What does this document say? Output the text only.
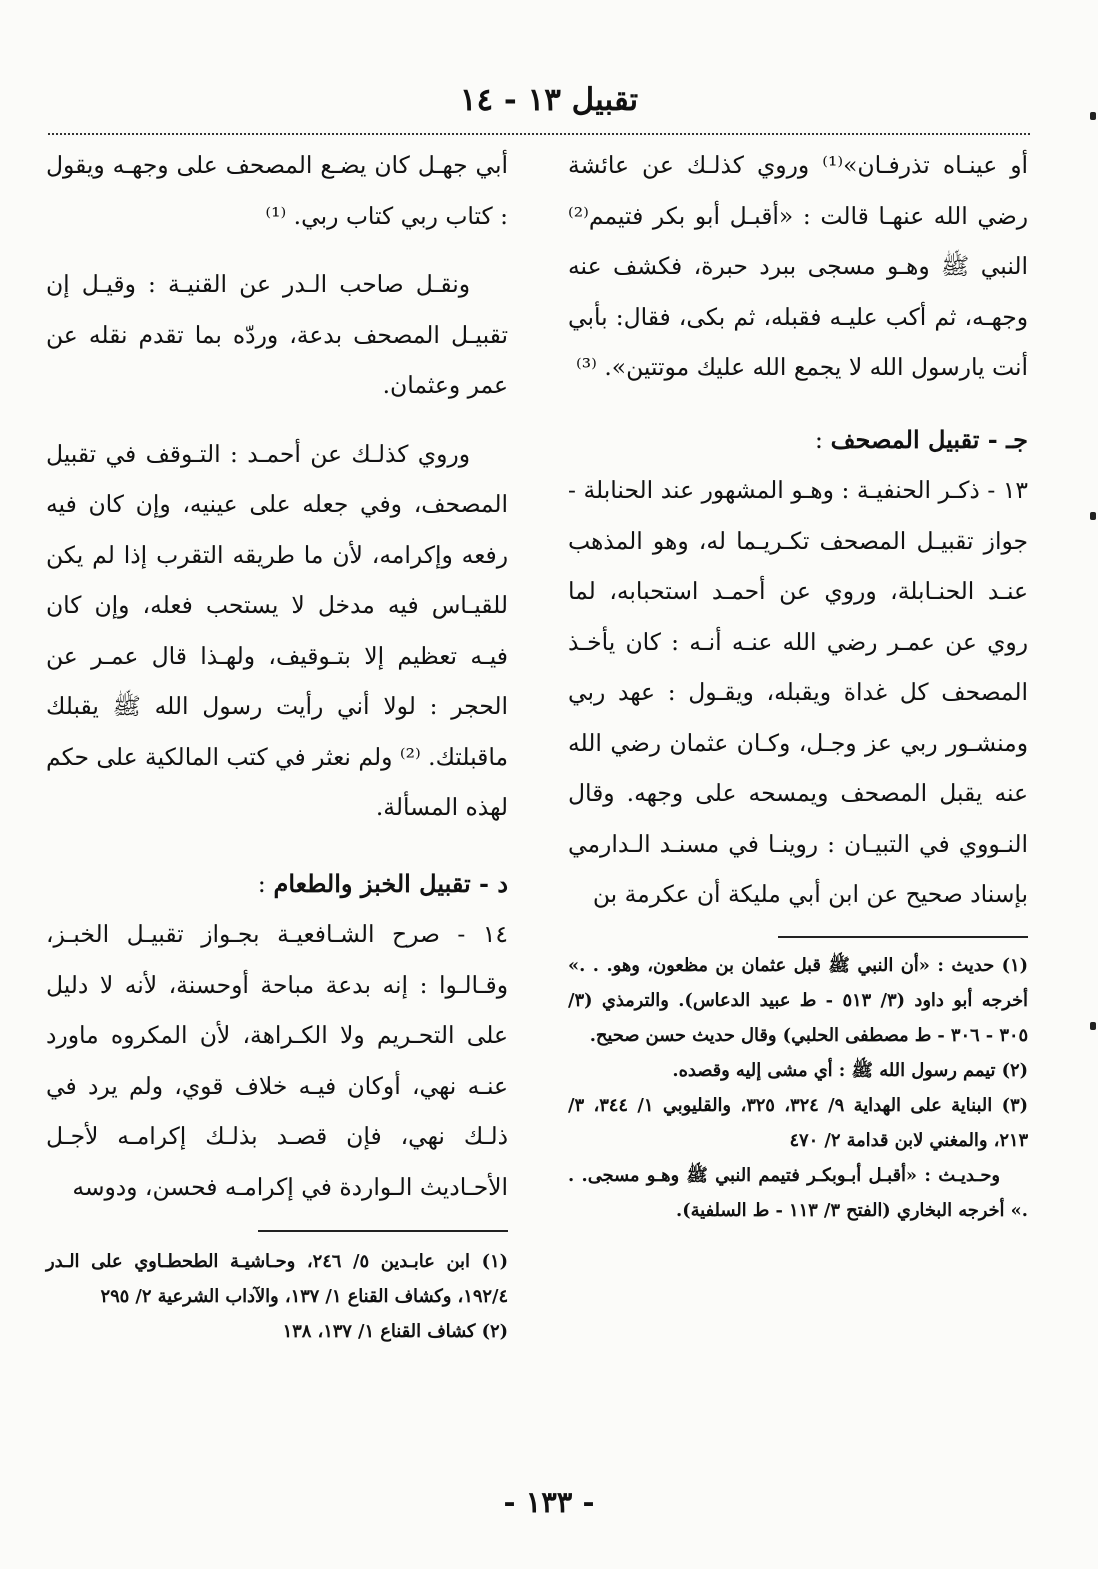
تقبيل ١٣ - ١٤

أو عينـاه تذرفـان»⁽¹⁾ وروي كذلـك عن عائشة رضي الله عنهـا قالت : «أقبـل أبو بكر فتيمم⁽²⁾ النبي ﷺ وهـو مسجى ببرد حبرة، فكشف عنه وجهـه، ثم أكب عليـه فقبله، ثم بكى، فقال: بأبي أنت يارسول الله لا يجمع الله عليك موتتين». ⁽³⁾

جـ - تقبيل المصحف :

١٣ - ذكـر الحنفيـة : وهـو المشهور عند الحنابلة - جواز تقبيـل المصحف تكـريـما له، وهو المذهب عنـد الحنـابلة، وروي عن أحمـد استحبابه، لما روي عن عمـر رضي الله عنـه أنـه : كان يأخـذ المصحف كل غداة ويقبله، ويقـول : عهد ربي ومنشـور ربي عز وجـل، وكـان عثمان رضي الله عنه يقبل المصحف ويمسحه على وجهه. وقال النـووي في التبيـان : روينـا في مسنـد الـدارمي بإسناد صحيح عن ابن أبي مليكة أن عكرمة بن

(١) حديث : «أن النبي ﷺ قبل عثمان بن مظعون، وهو. . .» أخرجه أبو داود (٣/ ٥١٣ - ط عبيد الدعاس). والترمذي (٣/ ٣٠٥ - ٣٠٦ - ط مصطفى الحلبي) وقال حديث حسن صحيح.

(٢) تيمم رسول الله ﷺ : أي مشى إليه وقصده.

(٣) البناية على الهداية ٩/ ٣٢٤، ٣٢٥، والقليوبي ١/ ٣٤٤، ٣/ ٢١٣، والمغني لابن قدامة ٢/ ٤٧٠

وحـديـث : «أقبـل أبـوبكـر فتيمم النبي ﷺ وهـو مسجى. . .» أخرجه البخاري (الفتح ٣/ ١١٣ - ط السلفية).

أبي جهـل كان يضـع المصحف على وجهـه ويقول : كتاب ربي كتاب ربي. ⁽¹⁾

ونقـل صاحب الـدر عن القنيـة : وقيـل إن تقبيـل المصحف بدعة، وردّه بما تقدم نقله عن عمر وعثمان.

وروي كذلـك عن أحمـد : التـوقف في تقبيل المصحف، وفي جعله على عينيه، وإن كان فيه رفعه وإكرامه، لأن ما طريقه التقرب إذا لم يكن للقيـاس فيه مدخل لا يستحب فعله، وإن كان فيـه تعظيم إلا بتـوقيف، ولهـذا قال عمـر عن الحجر : لولا أني رأيت رسول الله ﷺ يقبلك ماقبلتك. ⁽²⁾ ولم نعثر في كتب المالكية على حكم لهذه المسألة.

د - تقبيل الخبز والطعام :

١٤ - صرح الشـافعيـة بجـواز تقبيـل الخبـز، وقـالـوا : إنه بدعة مباحة أوحسنة، لأنه لا دليل على التحـريم ولا الكـراهة، لأن المكروه ماورد عنـه نهي، أوكان فيـه خلاف قوي، ولم يرد في ذلـك نهي، فإن قصـد بذلـك إكرامـه لأجـل الأحـاديث الـواردة في إكرامـه فحسن، ودوسه

(١) ابن عابـدين ٥/ ٢٤٦، وحـاشيـة الطحطـاوي على الـدر ١٩٢/٤، وكشاف القناع ١/ ١٣٧، والآداب الشرعية ٢/ ٢٩٥

(٢) كشاف القناع ١/ ١٣٧، ١٣٨

- ١٣٣ -
